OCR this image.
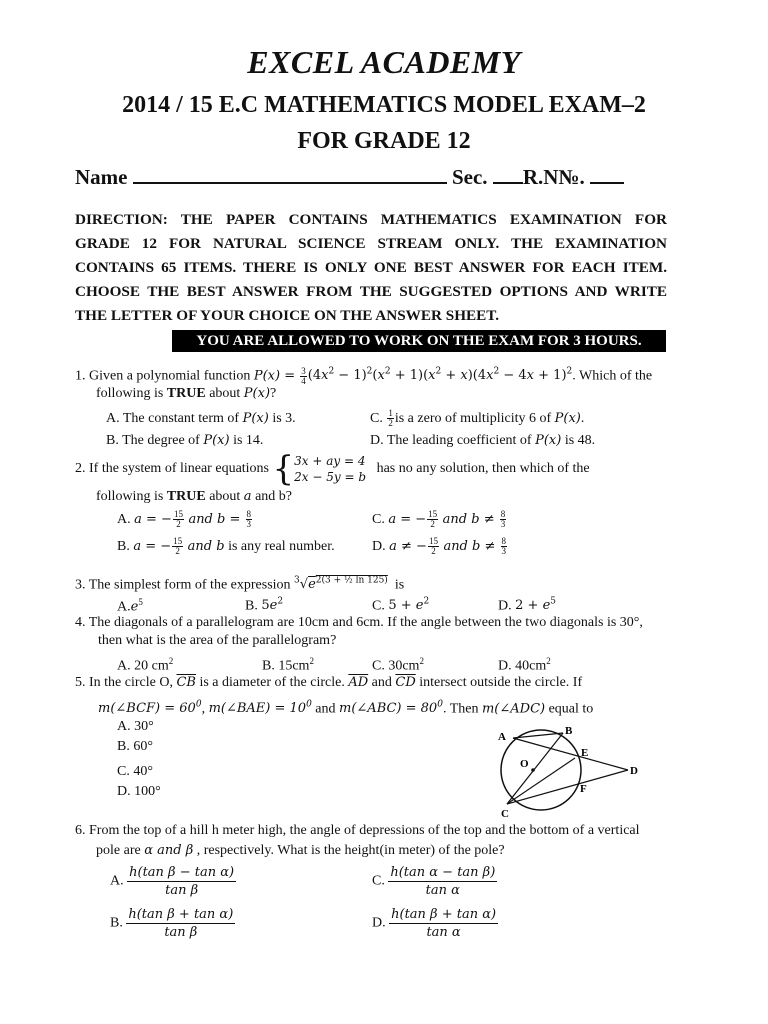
EXCEL ACADEMY
2014 / 15 E.C MATHEMATICS MODEL EXAM–2
FOR GRADE 12
Name	Sec. R.N№.
DIRECTION: THE PAPER CONTAINS MATHEMATICS EXAMINATION FOR GRADE 12 FOR NATURAL SCIENCE STREAM ONLY. THE EXAMINATION CONTAINS 65 ITEMS. THERE IS ONLY ONE BEST ANSWER FOR EACH ITEM. CHOOSE THE BEST ANSWER FROM THE SUGGESTED OPTIONS AND WRITE THE LETTER OF YOUR CHOICE ON THE ANSWER SHEET.
YOU ARE ALLOWED TO WORK ON THE EXAM FOR 3 HOURS.
1. Given a polynomial function $P(x) = \frac{3}{4} (4x^2 - 1)^2(x^2 + 1)(x^2 + x)(4x^2 - 4x + 1)^2$. Which of the
following is TRUE about P(x)?
A. The constant term of P(x) is 3.	C. $\frac{1}{2}$ is a zero of multiplicity 6 of P(x).
B. The degree of P(x) is 14.	D. The leading coefficient of P(x) is 48.
2. If the system of linear equations { 3x + ay = 4
2x − 5y = b
has no any solution, then which of the
following is TRUE about a and b?
A. a = − $\frac{15}{2}$ and $b = \frac{8}{3}$	C. a = − $\frac{15}{2}$ and $b \ne \frac{8}{3}$
B. a = − $\frac{15}{2}$ and b is any real number.	D. a ≠ − $\frac{15}{2}$ and $b \ne \frac{8}{3}$
3. The simplest form of the expression $^3√e^{2(3 + \frac{1}{2} ln 125)}$ is
$A.e^5$	B. $5e^2$	C. $5 + e^2$	D. $2 + e^5$
4. The diagonals of a parallelogram are 10cm and 6cm. If the angle between the two diagonals is 30°,
then what is the area of the parallelogram?
A. 20 $cm^2$	B. $15cm^2$	C. $30cm^2$	D. $40cm^2$
5. In the circle O, $\overline{CB}$ is a diameter of the circle. $\overline{AD}$ and $\overline{CD}$ intersect outside the circle. If
m(∠BCF) = $60^0$, m(∠BAE) = $10^0$ and m(∠ABC) = $80^0$. Then m(∠ADC) equal to
A. 30°
B. 60°
C. 40°
D. 100°
A	B
E
O
D
F
C
6. From the top of a hill h meter high, the angle of depressions of the top and the bottom of a vertical
pole are α and β , respectively. What is the height(in meter) of the pole?
A. $\frac{\text{h(tan β − tan α)}}{\text{tan β}}$	C. $\frac{\text{h(tan α − tan β)}}{\text{tan α}}$
B. $\frac{\text{h(tan β + tan α)}}{\text{tan β}}$	D. $\frac{\text{h(tan β + tan α)}}{\text{tan α}}$
